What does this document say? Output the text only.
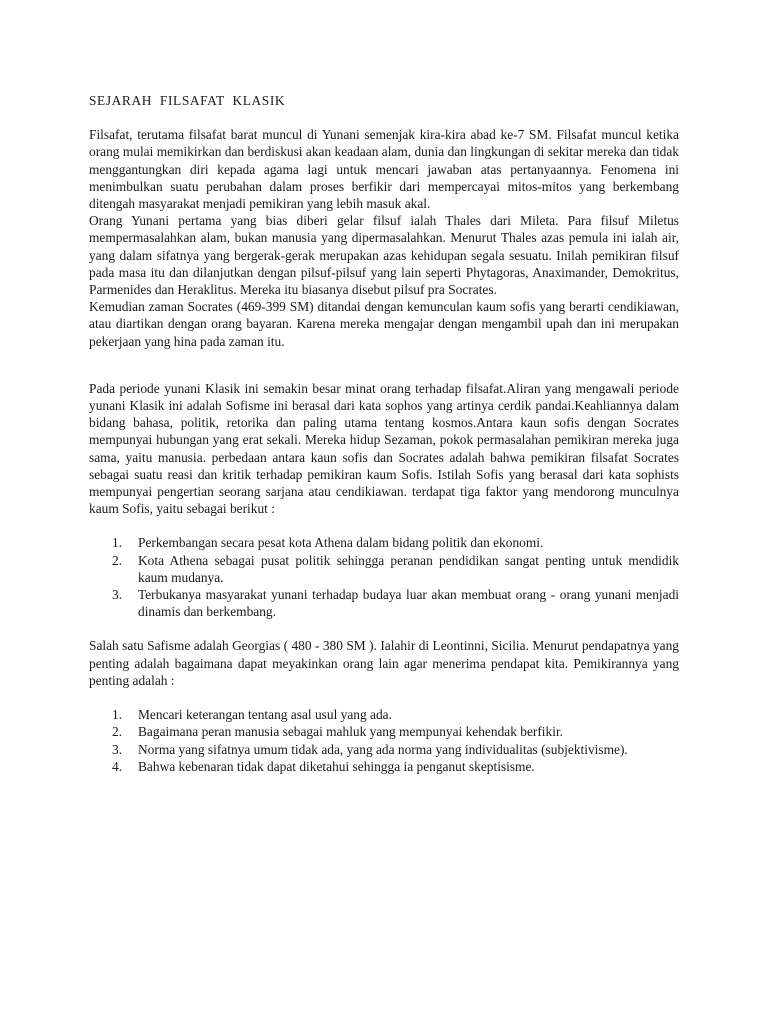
SEJARAH FILSAFAT KLASIK

Filsafat, terutama filsafat barat muncul di Yunani semenjak kira-kira abad ke-7 SM. Filsafat muncul ketika orang mulai memikirkan dan berdiskusi akan keadaan alam, dunia dan lingkungan di sekitar mereka dan tidak menggantungkan diri kepada agama lagi untuk mencari jawaban atas pertanyaannya. Fenomena ini menimbulkan suatu perubahan dalam proses berfikir dari mempercayai mitos-mitos yang berkembang ditengah masyarakat menjadi pemikiran yang lebih masuk akal.

Orang Yunani pertama yang bias diberi gelar filsuf ialah Thales dari Mileta. Para filsuf Miletus mempermasalahkan alam, bukan manusia yang dipermasalahkan. Menurut Thales azas pemula ini ialah air, yang dalam sifatnya yang bergerak-gerak merupakan azas kehidupan segala sesuatu. Inilah pemikiran filsuf pada masa itu dan dilanjutkan dengan pilsuf-pilsuf yang lain seperti Phytagoras, Anaximander, Demokritus, Parmenides dan Heraklitus. Mereka itu biasanya disebut pilsuf pra Socrates.

Kemudian zaman Socrates (469-399 SM) ditandai dengan kemunculan kaum sofis yang berarti cendikiawan, atau diartikan dengan orang bayaran. Karena mereka mengajar dengan mengambil upah dan ini merupakan pekerjaan yang hina pada zaman itu.

Pada periode yunani Klasik ini semakin besar minat orang terhadap filsafat.Aliran yang mengawali periode yunani Klasik ini adalah Sofisme ini berasal dari kata sophos yang artinya cerdik pandai.Keahliannya dalam bidang bahasa, politik, retorika dan paling utama tentang kosmos.Antara kaun sofis dengan Socrates mempunyai hubungan yang erat sekali. Mereka hidup Sezaman, pokok permasalahan pemikiran mereka juga sama, yaitu manusia. perbedaan antara kaun sofis dan Socrates adalah bahwa pemikiran filsafat Socrates sebagai suatu reasi dan kritik terhadap pemikiran kaum Sofis. Istilah Sofis yang berasal dari kata sophists mempunyai pengertian seorang sarjana atau cendikiawan. terdapat tiga faktor yang mendorong munculnya kaum Sofis, yaitu sebagai berikut :

1. Perkembangan secara pesat kota Athena dalam bidang politik dan ekonomi.
2. Kota Athena sebagai pusat politik sehingga peranan pendidikan sangat penting untuk mendidik kaum mudanya.
3. Terbukanya masyarakat yunani terhadap budaya luar akan membuat orang - orang yunani menjadi dinamis dan berkembang.

Salah satu Safisme adalah Georgias ( 480 - 380 SM ). Ialahir di Leontinni, Sicilia. Menurut pendapatnya yang penting adalah bagaimana dapat meyakinkan orang lain agar menerima pendapat kita. Pemikirannya yang penting adalah :

1. Mencari keterangan tentang asal usul yang ada.
2. Bagaimana peran manusia sebagai mahluk yang mempunyai kehendak berfikir.
3. Norma yang sifatnya umum tidak ada, yang ada norma yang individualitas (subjektivisme).
4. Bahwa kebenaran tidak dapat diketahui sehingga ia penganut skeptisisme.
